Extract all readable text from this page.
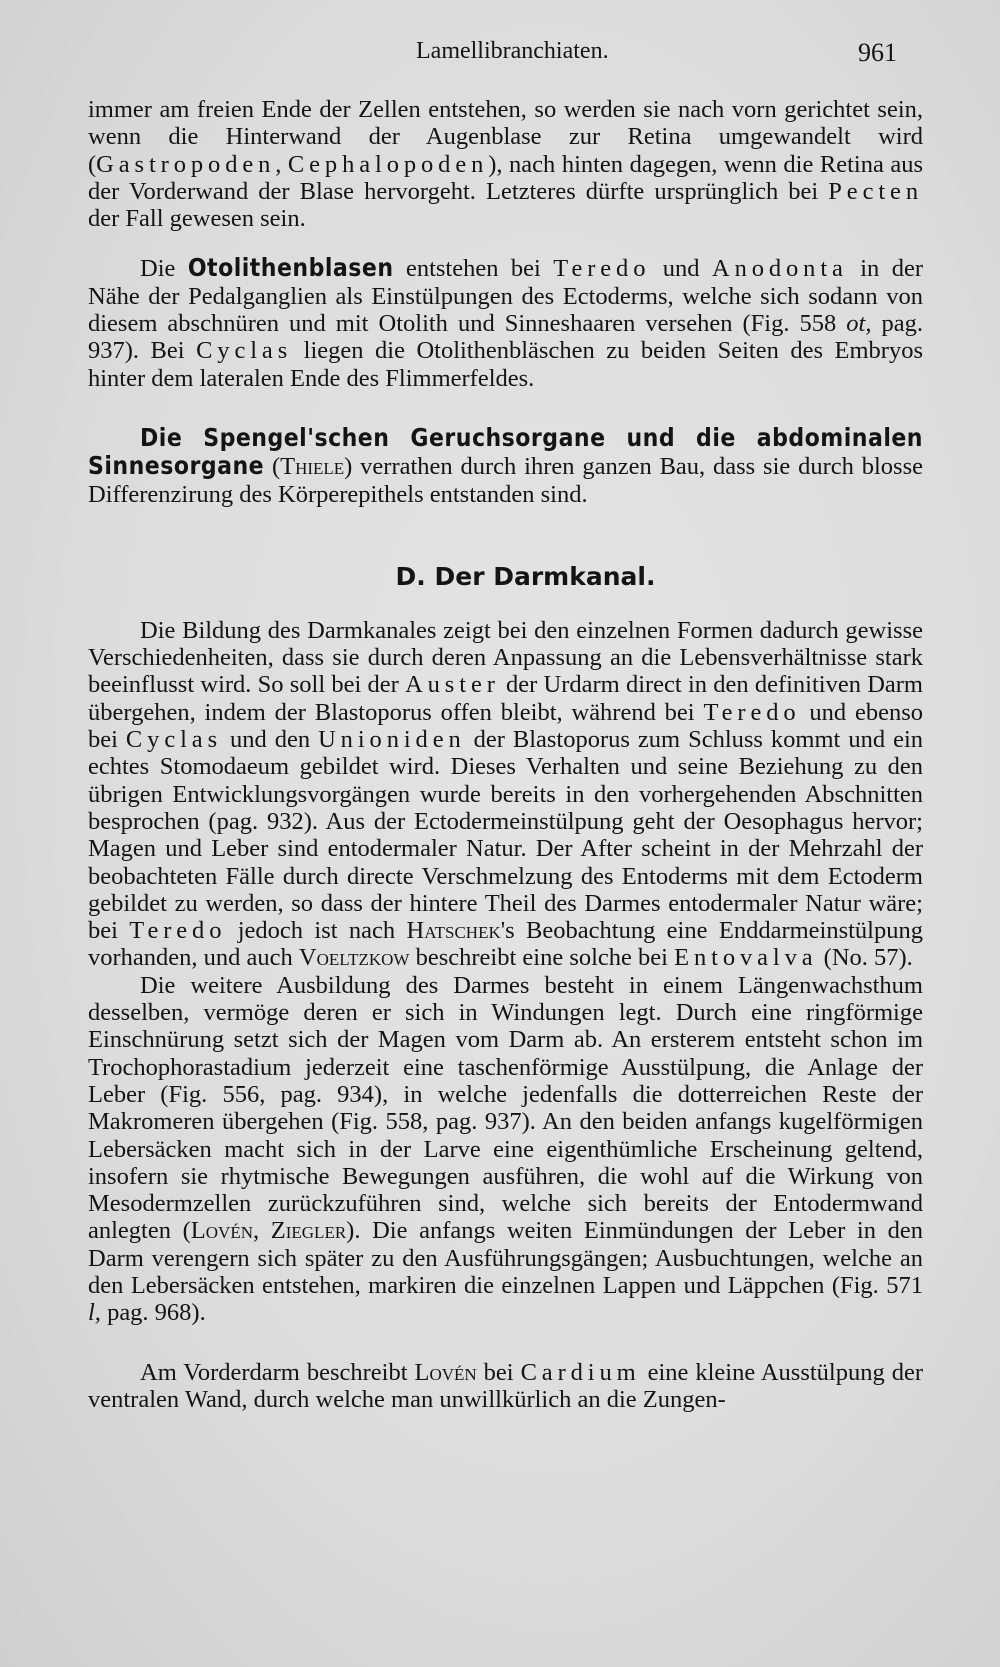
Lamellibranchiaten.	961

immer am freien Ende der Zellen entstehen, so werden sie nach vorn gerichtet sein, wenn die Hinterwand der Augenblase zur Retina umgewandelt wird (Gastropoden, Cephalopoden), nach hinten dagegen, wenn die Retina aus der Vorderwand der Blase hervorgeht. Letzteres dürfte ursprünglich bei Pecten der Fall gewesen sein.

Die Otolithenblasen entstehen bei Teredo und Anodonta in der Nähe der Pedalganglien als Einstülpungen des Ectoderms, welche sich sodann von diesem abschnüren und mit Otolith und Sinneshaaren versehen (Fig. 558 ot, pag. 937). Bei Cyclas liegen die Otolithenbläschen zu beiden Seiten des Embryos hinter dem lateralen Ende des Flimmerfeldes.

Die Spengel'schen Geruchsorgane und die abdominalen Sinnesorgane (Thiele) verrathen durch ihren ganzen Bau, dass sie durch blosse Differenzirung des Körperepithels entstanden sind.

D. Der Darmkanal.

Die Bildung des Darmkanales zeigt bei den einzelnen Formen dadurch gewisse Verschiedenheiten, dass sie durch deren Anpassung an die Lebensverhältnisse stark beeinflusst wird. So soll bei der Auster der Urdarm direct in den definitiven Darm übergehen, indem der Blastoporus offen bleibt, während bei Teredo und ebenso bei Cyclas und den Unioniden der Blastoporus zum Schluss kommt und ein echtes Stomodaeum gebildet wird. Dieses Verhalten und seine Beziehung zu den übrigen Entwicklungsvorgängen wurde bereits in den vorhergehenden Abschnitten besprochen (pag. 932). Aus der Ectodermeinstülpung geht der Oesophagus hervor; Magen und Leber sind entodermaler Natur. Der After scheint in der Mehrzahl der beobachteten Fälle durch directe Verschmelzung des Entoderms mit dem Ectoderm gebildet zu werden, so dass der hintere Theil des Darmes entodermaler Natur wäre; bei Teredo jedoch ist nach Hatschek's Beobachtung eine Enddarmeinstülpung vorhanden, und auch Voeltzkow beschreibt eine solche bei Entovalva (No. 57).

Die weitere Ausbildung des Darmes besteht in einem Längenwachsthum desselben, vermöge deren er sich in Windungen legt. Durch eine ringförmige Einschnürung setzt sich der Magen vom Darm ab. An ersterem entsteht schon im Trochophorastadium jederzeit eine taschenförmige Ausstülpung, die Anlage der Leber (Fig. 556, pag. 934), in welche jedenfalls die dotterreichen Reste der Makromeren übergehen (Fig. 558, pag. 937). An den beiden anfangs kugelförmigen Lebersäcken macht sich in der Larve eine eigenthümliche Erscheinung geltend, insofern sie rhytmische Bewegungen ausführen, die wohl auf die Wirkung von Mesodermzellen zurückzuführen sind, welche sich bereits der Entodermwand anlegten (Lovén, Ziegler). Die anfangs weiten Einmündungen der Leber in den Darm verengern sich später zu den Ausführungsgängen; Ausbuchtungen, welche an den Lebersäcken entstehen, markiren die einzelnen Lappen und Läppchen (Fig. 571 l, pag. 968).

Am Vorderdarm beschreibt Lovén bei Cardium eine kleine Ausstülpung der ventralen Wand, durch welche man unwillkürlich an die Zungen-
